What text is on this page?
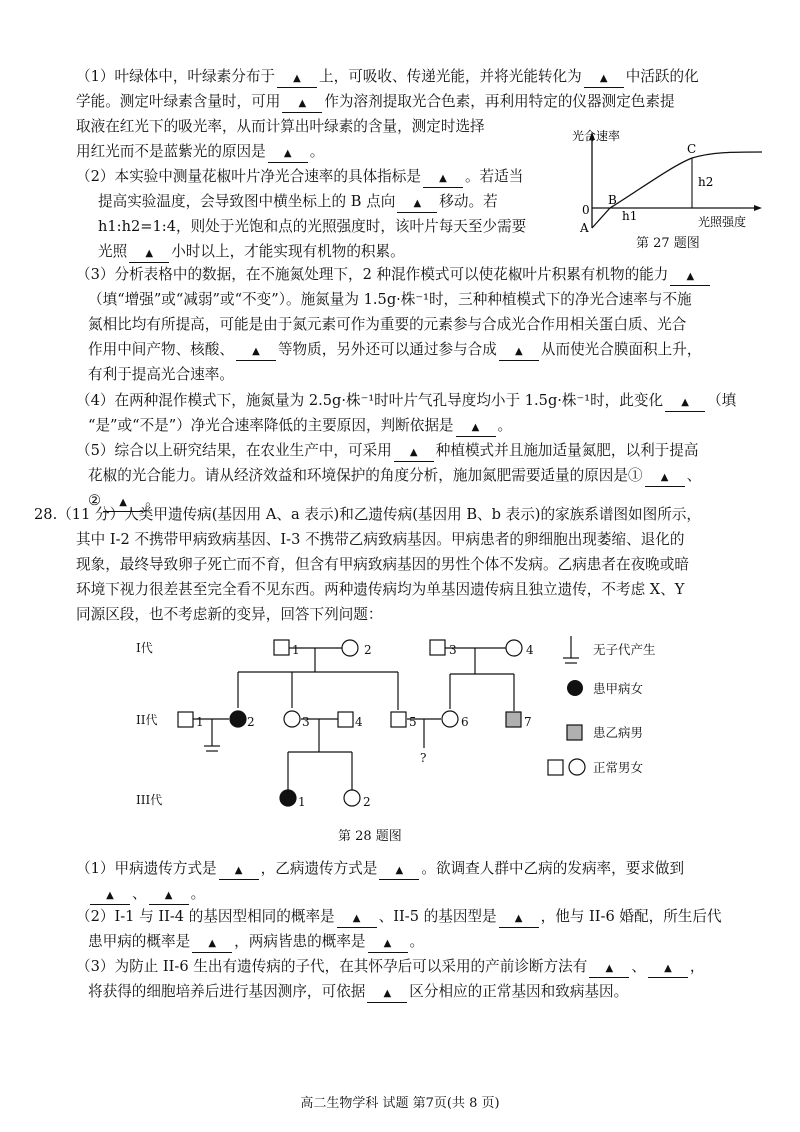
（1）叶绿体中，叶绿素分布于 ▲ 上，可吸收、传递光能，并将光能转化为 ▲ 中活跃的化
学能。测定叶绿素含量时，可用 ▲ 作为溶剂提取光合色素，再利用特定的仪器测定色素提
取液在红光下的吸光率，从而计算出叶绿素的含量，测定时选择
用红光而不是蓝紫光的原因是 ▲ 。
（2）本实验中测量花椒叶片净光合速率的具体指标是 ▲ 。若适当
提高实验温度，会导致图中横坐标上的 B 点向 ▲ 移动。若
h1:h2=1:4，则处于光饱和点的光照强度时，该叶片每天至少需要
光照 ▲ 小时以上，才能实现有机物的积累。
光合速率
光照强度
C
B
A
0	h1
h2
第 27 题图
（3）分析表格中的数据，在不施氮处理下，2 种混作模式可以使花椒叶片积累有机物的能力 ▲
（填“增强”或“减弱”或“不变”）。施氮量为 1.5g·株⁻¹时，三种种植模式下的净光合速率与不施
氮相比均有所提高，可能是由于氮元素可作为重要的元素参与合成光合作用相关蛋白质、光合
作用中间产物、核酸、 ▲ 等物质，另外还可以通过参与合成 ▲ 从而使光合膜面积上升，
有利于提高光合速率。
（4）在两种混作模式下，施氮量为 2.5g·株⁻¹时叶片气孔导度均小于 1.5g·株⁻¹时，此变化 ▲ （填
“是”或“不是”）净光合速率降低的主要原因，判断依据是 ▲ 。
（5）综合以上研究结果，在农业生产中，可采用 ▲ 种植模式并且施加适量氮肥，以利于提高
花椒的光合能力。请从经济效益和环境保护的角度分析，施加氮肥需要适量的原因是① ▲ 、
② ▲ 。
28.（11 分）人类甲遗传病(基因用 A、a 表示)和乙遗传病(基因用 B、b 表示)的家族系谱图如图所示，
其中 I-2 不携带甲病致病基因、I-3 不携带乙病致病基因。甲病患者的卵细胞出现萎缩、退化的
现象，最终导致卵子死亡而不育，但含有甲病致病基因的男性个体不发病。乙病患者在夜晚或暗
环境下视力很差甚至完全看不见东西。两种遗传病均为单基因遗传病且独立遗传，不考虑 X、Y
同源区段，也不考虑新的变异，回答下列问题：
I代
II代
III代
1	2	3	4
1	2	3	4	5	6	7
1	2
?
无子代产生
患甲病女
患乙病男
正常男女
第 28 题图
（1）甲病遗传方式是 ▲ ，乙病遗传方式是 ▲ 。欲调查人群中乙病的发病率，要求做到
▲ 、 ▲ 。
（2）I-1 与 II-4 的基因型相同的概率是 ▲ 、II-5 的基因型是 ▲ ，他与 II-6 婚配，所生后代
患甲病的概率是 ▲ ，两病皆患的概率是 ▲ 。
（3）为防止 II-6 生出有遗传病的子代，在其怀孕后可以采用的产前诊断方法有 ▲ 、 ▲ ，
将获得的细胞培养后进行基因测序，可依据 ▲ 区分相应的正常基因和致病基因。
高二生物学科 试题 第7页(共 8 页)
